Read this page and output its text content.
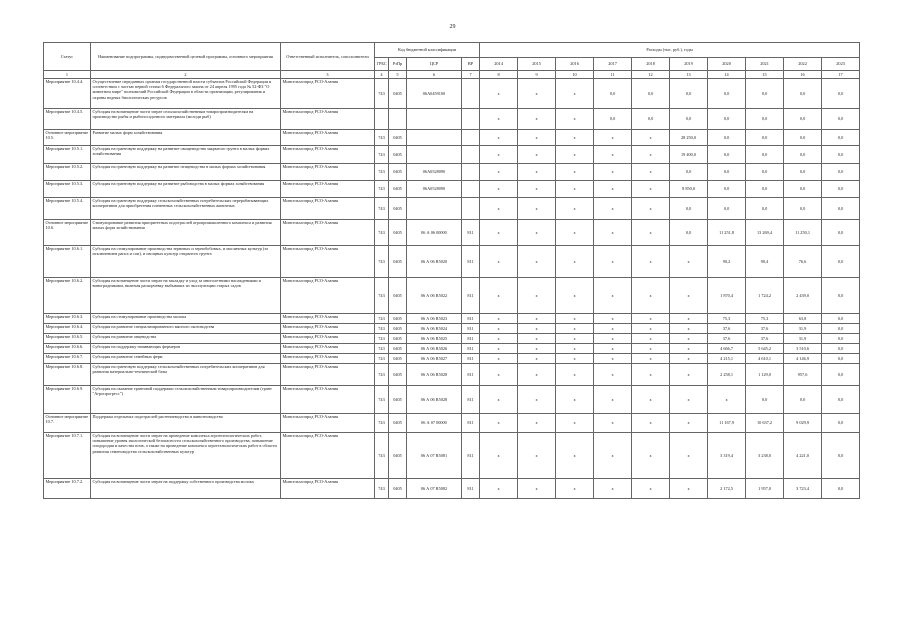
29
Статус	Наименование подпрограммы, подведомственной целевой программы, основного мероприятия	Ответственный исполнитель, соисполнители	Код бюджетной классификации				Расходы (тыс. руб.), годы									
			ГРБС	РзПр	ЦСР	ВР	2014	2015	2016	2017	2018	2019	2020	2021	2022	2023
1	2	3	4	5	6	7	8	9	10	11	12	13	14	15	16	17
Мероприятие 10.4.4.	Осуществление переданных органам государственной власти субъектов Российской Федерации в соответствии с частью первой статьи 6 Федерального закона от 24 апреля 1995 года № 52-ФЗ "О животном мире" полномочий Российской Федерации в области организации, регулирования и охраны водных биологических ресурсов	Минсельхозпрод РСО-Алания	743	0405	06А0459100		x	x	x	0,0	0,0	0,0	0,0	0,0	0,0	0,0
Мероприятие 10.4.5.	Субсидия на возмещение части затрат сельскохозяйственным товаропроизводителям на производство рыбы и рыбопосадочного материала (молоди рыб)	Минсельхозпрод РСО-Алания					x	x	x	0,0	0,0	0,0	0,0	0,0	0,0	0,0
Основное мероприятие 10.5.	Развитие малых форм хозяйствования	Минсельхозпрод РСО-Алания	743	0405			x	x	x	x	x	28 250,0	0,0	0,0	0,0	0,0
Мероприятие 10.5.1.	Субсидия на грантовую поддержку на развитие овощеводства закрытого грунта в малых формах хозяйствования	Минсельхозпрод РСО-Алания	743	0405			x	x	x	x	x	19 400,0	0,0	0,0	0,0	0,0
Мероприятие 10.5.2.	Субсидия на грантовую поддержку на развитие птицеводства в малых формах хозяйствования	Минсельхозпрод РСО-Алания	743	0405	06А0528090		x	x	x	x	x	0,0	0,0	0,0	0,0	0,0
Мероприятие 10.5.3.	Субсидия на грантовую поддержку на развитие рыбоводства в малых формах хозяйствования	Минсельхозпрод РСО-Алания	743	0405	06А0528090		x	x	x	x	x	8 850,0	0,0	0,0	0,0	0,0
Мероприятие 10.5.4.	Субсидия на грантовую поддержку сельскохозяйственных потребительских перерабатывающих кооперативов для приобретения племенных сельскохозяйственных животных	Минсельхозпрод РСО-Алания	743	0405			x	x	x	x	x	0,0	0,0	0,0	0,0	0,0
Основное мероприятие 10.6.	Стимулирование развития приоритетных подотраслей агропромышленного комплекса и развития малых форм хозяйствования	Минсельхозпрод РСО-Алания	743	0405	06 А 06 00000	811	x	x	x	x	x	0,0	11 251,8	13 269,4	11 250,1	0,0
Мероприятие 10.6.1.	Субсидия на стимулирование производства зерновых и зернобобовых, и масличных культур (за исключением рапса и сои), и овощных культур открытого грунта	Минсельхозпрод РСО-Алания	743	0405	06 А 06 R5020	811	x	x	x	x	x	x	90,2	90,4	76,6	0,0
Мероприятие 10.6.2.	Субсидия на возмещение части затрат на закладку и уход за многолетними насаждениями и виноградниками, включая раскорчевку выбывших из эксплуатации старых садов	Минсельхозпрод РСО-Алания	743	0405	06 А 06 R5022	811	x	x	x	x	x	x	1 870,4	1 724,2	2 439,0	0,0
Мероприятие 10.6.3.	Субсидия на стимулирование производства молока	Минсельхозпрод РСО-Алания	743	0405	06 А 06 R5023	811	x	x	x	x	x	x	75,3	75,3	63,8	0,0
Мероприятие 10.6.4.	Субсидия на развитие специализированного мясного скотоводства	Минсельхозпрод РСО-Алания	743	0405	06 А 06 R5024	811	x	x	x	x	x	x	37,6	37,6	31,9	0,0
Мероприятие 10.6.5.	Субсидия на развитие овцеводства	Минсельхозпрод РСО-Алания	743	0405	06 А 06 R5025	811	x	x	x	x	x	x	37,6	37,6	31,9	0,0
Мероприятие 10.6.6.	Субсидия на поддержку начинающих фермеров	Минсельхозпрод РСО-Алания	743	0405	06 А 06 R5026	811	x	x	x	x	x	x	4 666,7	5 645,2	3 510,6	0,0
Мероприятие 10.6.7.	Субсидия на развитие семейных ферм	Минсельхозпрод РСО-Алания	743	0405	06 А 06 R5027	811	x	x	x	x	x	x	4 215,1	4 610,1	4 146,9	0,0
Мероприятие 10.6.8.	Субсидия на грантовую поддержку сельскохозяйственных потребительских кооперативов для развития материально-технической базы	Минсельхозпрод РСО-Алания	743	0405	06 А 06 R5028	811	x	x	x	x	x	x	2 258,1	1 129,0	957,6	0,0
Мероприятие 10.6.9.	Субсидия на оказание грантовой поддержки сельскохозяйственным товаропроизводителям (грант "Агропрогресс")	Минсельхозпрод РСО-Алания	743	0405	06 А 06 R5028	811	x	x	x	x	x	x	x	0,0	0,0	0,0
Основное мероприятие 10.7.	Поддержка отдельных подотраслей растениеводства и животноводства	Минсельхозпрод РСО-Алания	743	0405	06 А 07 00000	811	x	x	x	x	x	x	11 167,9	10 637,2	9 029,9	0,0
Мероприятие 10.7.1.	Субсидия на возмещение части затрат на проведение комплекса агротехнологических работ, повышение уровня экологической безопасности сельскохозяйственного производства, повышение плодородия и качества почв, а также на проведение комплекса агротехнологических работ в области развития семеноводства сельскохозяйственных культур	Минсельхозпрод РСО-Алания	743	0405	06 А 07 R5081	811	x	x	x	x	x	x	3 319,4	3 238,0	4 221,0	0,0
Мероприятие 10.7.2.	Субсидия на возмещение части затрат на поддержку собственного производства молока	Минсельхозпрод РСО-Алания	743	0405	06 А 07 R5082	811	x	x	x	x	x	x	2 172,5	1 957,0	3 723,4	0,0
